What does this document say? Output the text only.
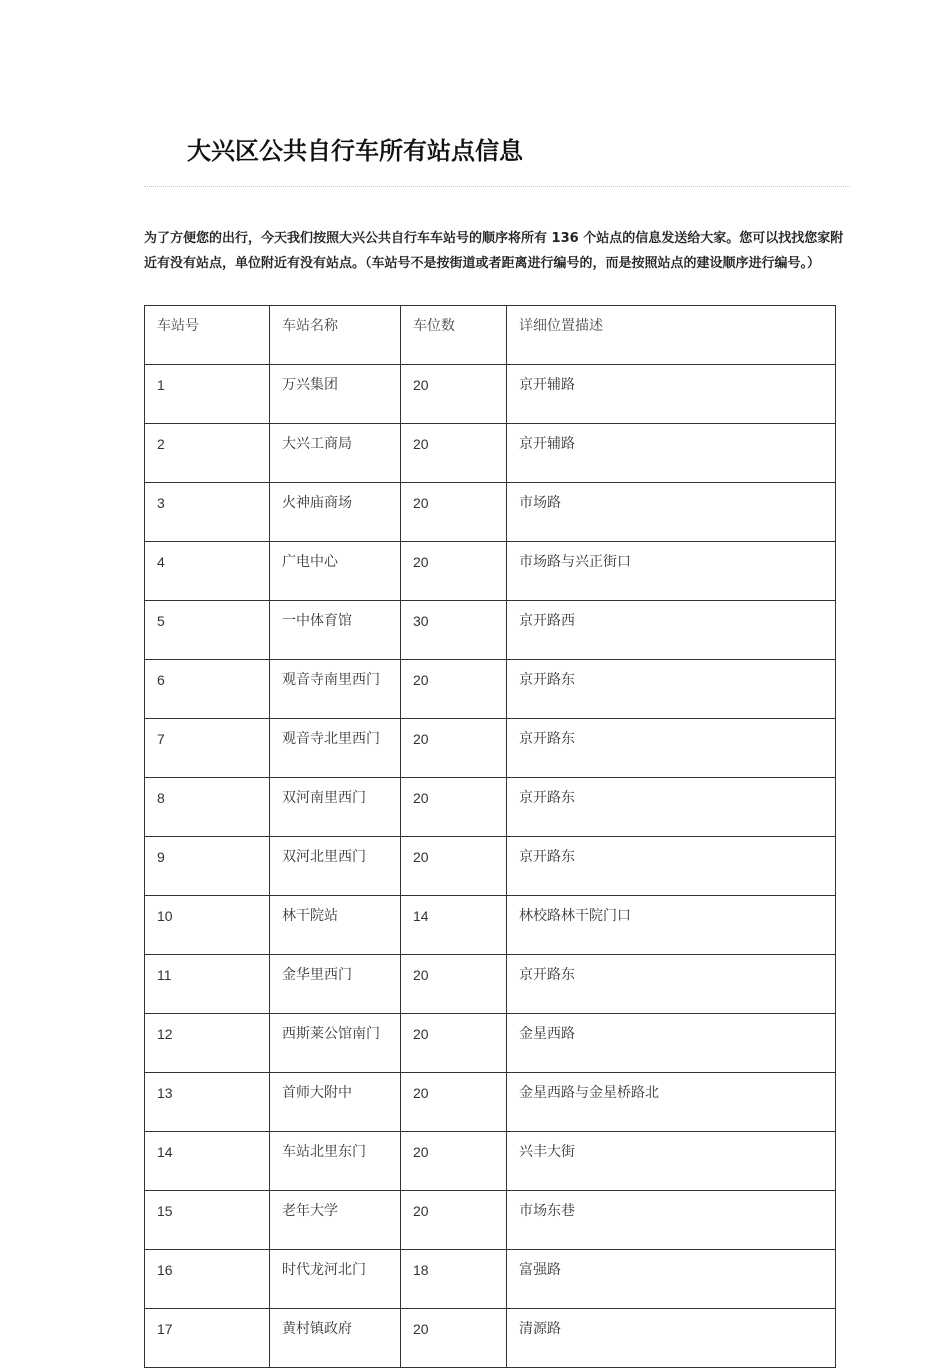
大兴区公共自行车所有站点信息

为了方便您的出行，今天我们按照大兴公共自行车车站号的顺序将所有 136 个站点的信息发送给大家。您可以找找您家附近有没有站点，单位附近有没有站点。（车站号不是按街道或者距离进行编号的，而是按照站点的建设顺序进行编号。）

车站号	车站名称	车位数	详细位置描述
1	万兴集团	20	京开辅路
2	大兴工商局	20	京开辅路
3	火神庙商场	20	市场路
4	广电中心	20	市场路与兴正街口
5	一中体育馆	30	京开路西
6	观音寺南里西门	20	京开路东
7	观音寺北里西门	20	京开路东
8	双河南里西门	20	京开路东
9	双河北里西门	20	京开路东
10	林干院站	14	林校路林干院门口
11	金华里西门	20	京开路东
12	西斯莱公馆南门	20	金星西路
13	首师大附中	20	金星西路与金星桥路北
14	车站北里东门	20	兴丰大街
15	老年大学	20	市场东巷
16	时代龙河北门	18	富强路
17	黄村镇政府	20	清源路
